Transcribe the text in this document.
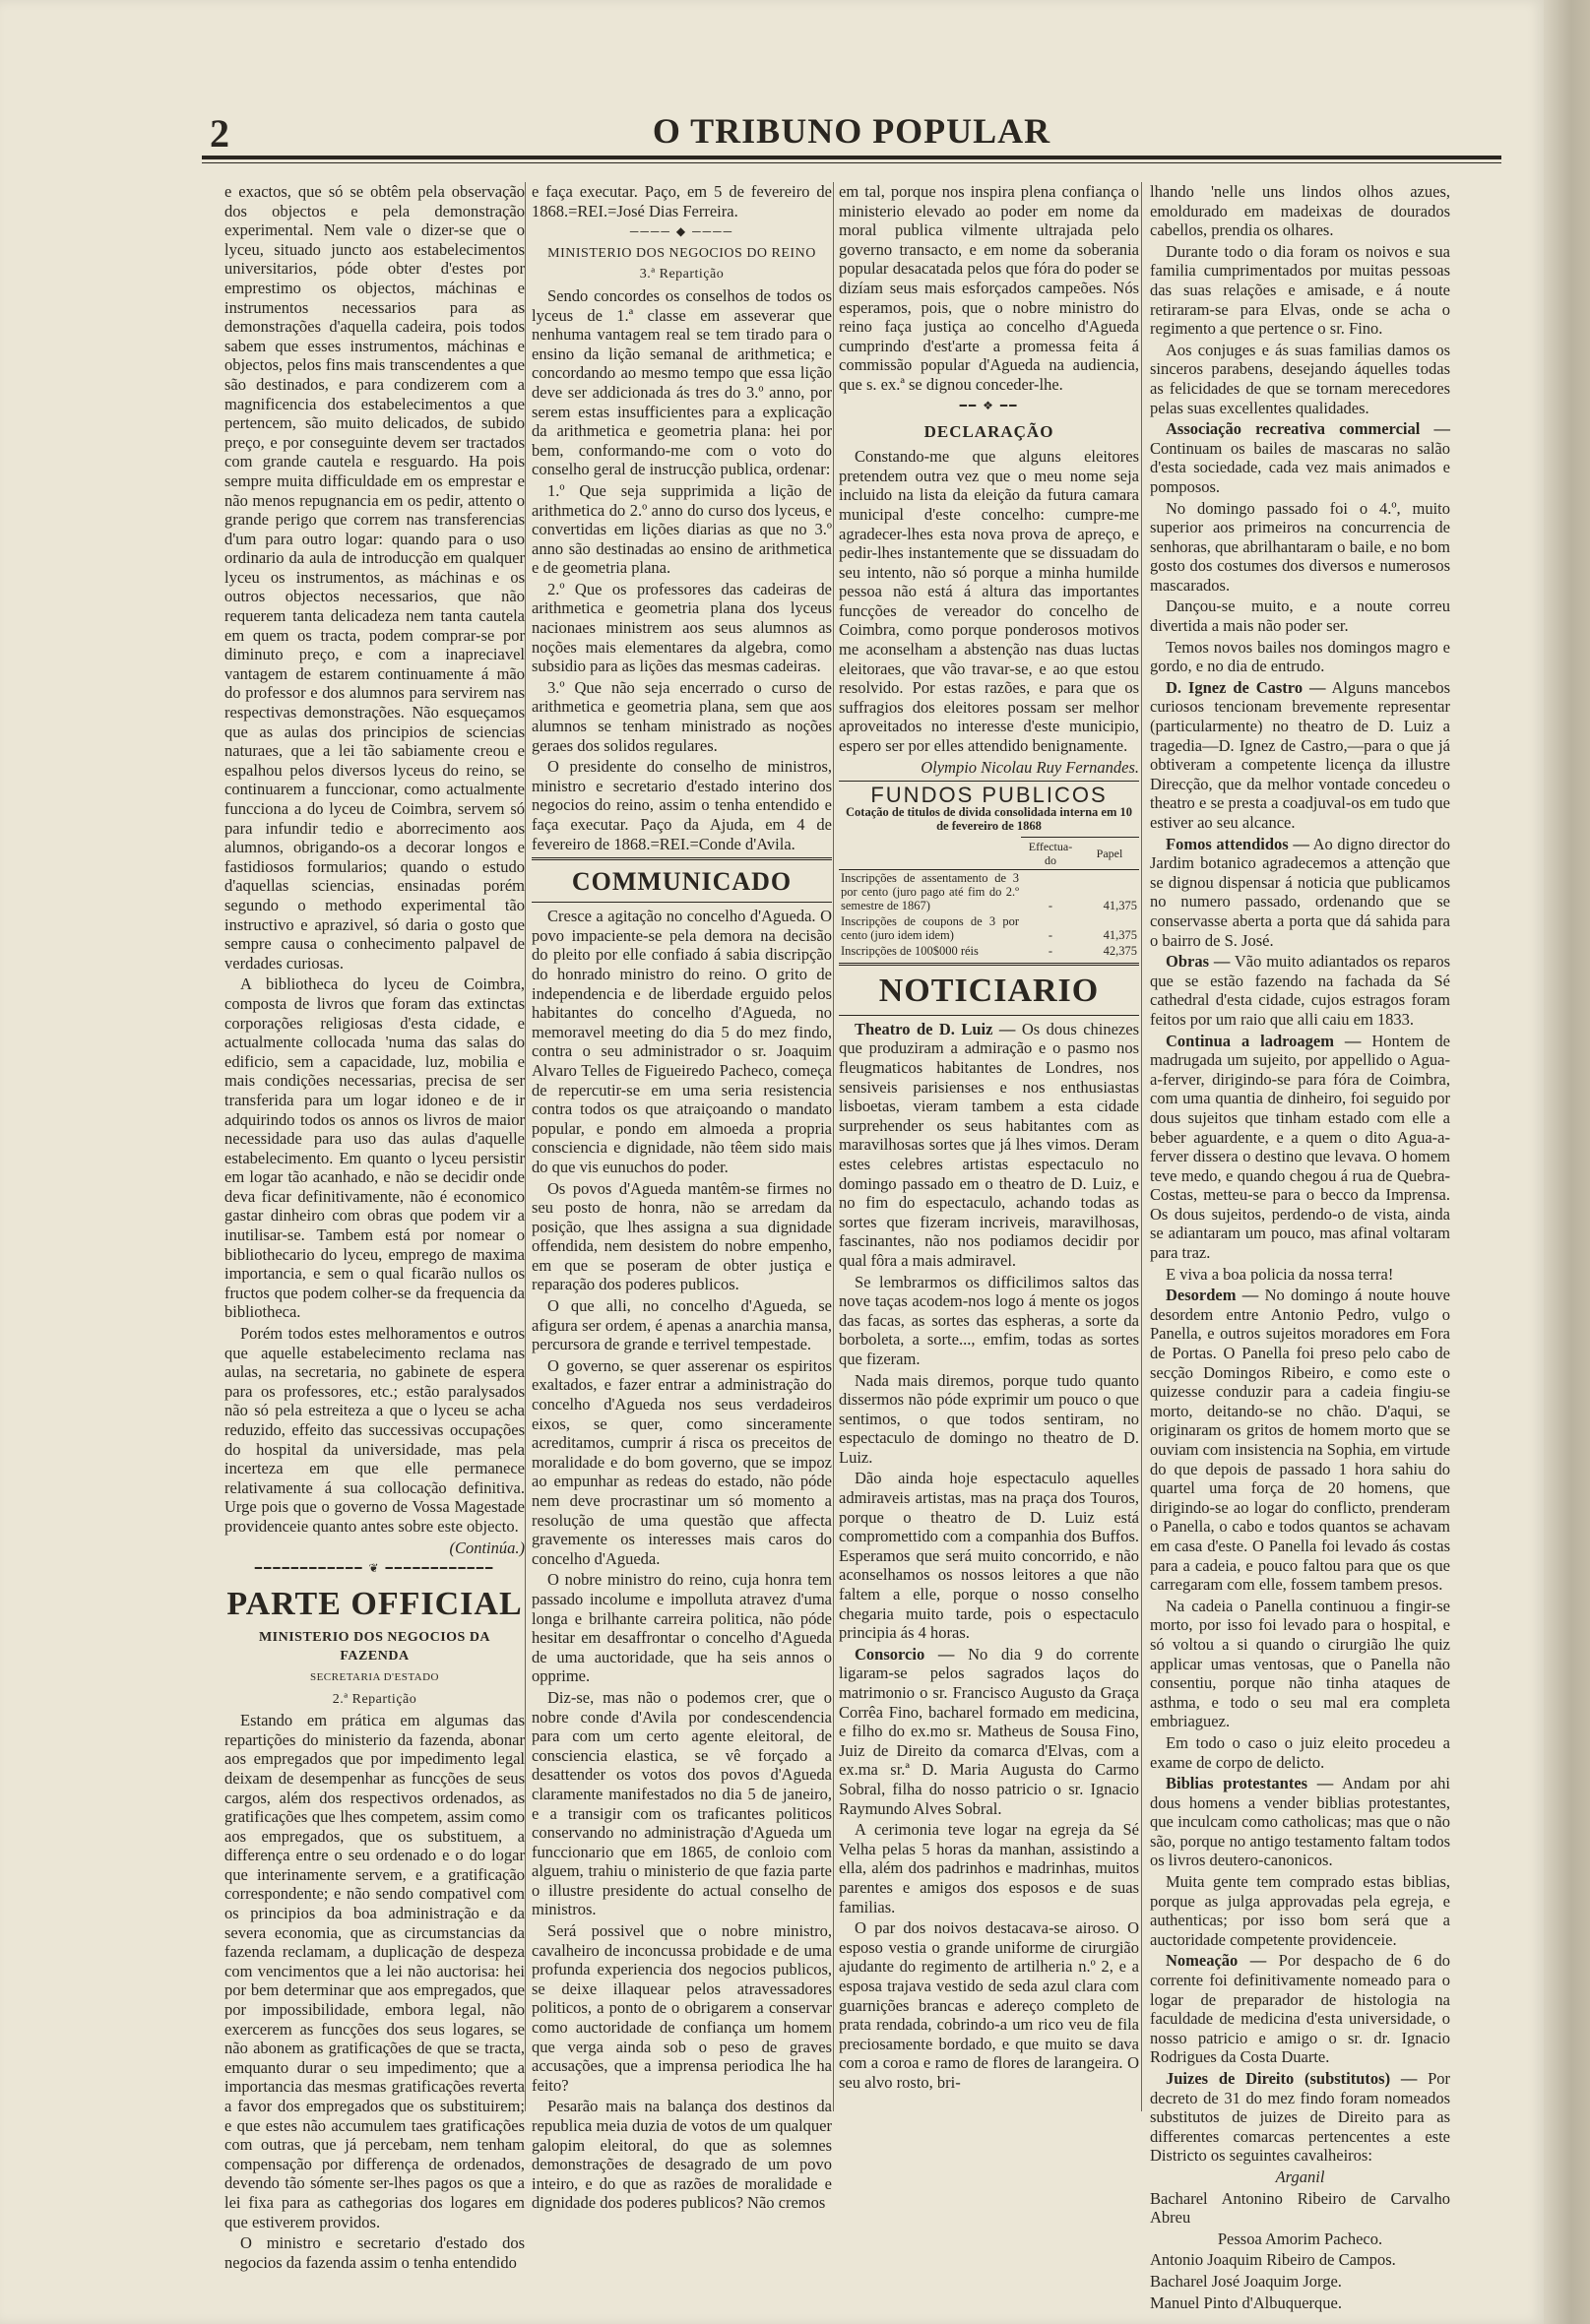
2	O TRIBUNO POPULAR

e exactos, que só se obtêm pela observação dos objectos e pela demonstração experimental. Nem vale o dizer-se que o lyceu, situado juncto aos estabelecimentos universitarios, póde obter d'estes por emprestimo os objectos, máchinas e instrumentos necessarios para as demonstrações d'aquella cadeira, pois todos sabem que esses instrumentos, máchinas e objectos, pelos fins mais transcendentes a que são destinados, e para condizerem com a magnificencia dos estabelecimentos a que pertencem, são muito delicados, de subido preço, e por conseguinte devem ser tractados com grande cautela e resguardo. Ha pois sempre muita difficuldade em os emprestar e não menos repugnancia em os pedir, attento o grande perigo que correm nas transferencias d'um para outro logar: quando para o uso ordinario da aula de introducção em qualquer lyceu os instrumentos, as máchinas e os outros objectos necessarios, que não requerem tanta delicadeza nem tanta cautela em quem os tracta, podem comprar-se por diminuto preço, e com a inapreciavel vantagem de estarem continuamente á mão do professor e dos alumnos para servirem nas respectivas demonstrações. Não esqueçamos que as aulas dos principios de sciencias naturaes, que a lei tão sabiamente creou e espalhou pelos diversos lyceus do reino, se continuarem a funccionar, como actualmente funcciona a do lyceu de Coimbra, servem só para infundir tedio e aborrecimento aos alumnos, obrigando-os a decorar longos e fastidiosos formularios; quando o estudo d'aquellas sciencias, ensinadas porém segundo o methodo experimental tão instructivo e aprazivel, só daria o gosto que sempre causa o conhecimento palpavel de verdades curiosas.

A bibliotheca do lyceu de Coimbra, composta de livros que foram das extinctas corporações religiosas d'esta cidade, e actualmente collocada 'numa das salas do edificio, sem a capacidade, luz, mobilia e mais condições necessarias, precisa de ser transferida para um logar idoneo e de ir adquirindo todos os annos os livros de maior necessidade para uso das aulas d'aquelle estabelecimento. Em quanto o lyceu persistir em logar tão acanhado, e não se decidir onde deva ficar definitivamente, não é economico gastar dinheiro com obras que podem vir a inutilisar-se. Tambem está por nomear o bibliothecario do lyceu, emprego de maxima importancia, e sem o qual ficarão nullos os fructos que podem colher-se da frequencia da bibliotheca.

Porém todos estes melhoramentos e outros que aquelle estabelecimento reclama nas aulas, na secretaria, no gabinete de espera para os professores, etc.; estão paralysados não só pela estreiteza a que o lyceu se acha reduzido, effeito das successivas occupações do hospital da universidade, mas pela incerteza em que elle permanece relativamente á sua collocação definitiva. Urge pois que o governo de Vossa Magestade providenceie quanto antes sobre este objecto.

(Continúa.)

━━━━━━━━━━━━ ❦ ━━━━━━━━━━━━
PARTE OFFICIAL

MINISTERIO DOS NEGOCIOS DA FAZENDA

SECRETARIA D'ESTADO

2.ª Repartição

Estando em prática em algumas das repartições do ministerio da fazenda, abonar aos empregados que por impedimento legal deixam de desempenhar as funcções de seus cargos, além dos respectivos ordenados, as gratificações que lhes competem, assim como aos empregados, que os substituem, a differença entre o seu ordenado e o do logar que interinamente servem, e a gratificação correspondente; e não sendo compativel com os principios da boa administração e da severa economia, que as circumstancias da fazenda reclamam, a duplicação de despeza com vencimentos que a lei não auctorisa: hei por bem determinar que aos empregados, que por impossibilidade, embora legal, não exercerem as funcções dos seus logares, se não abonem as gratificações de que se tracta, emquanto durar o seu impedimento; que a importancia das mesmas gratificações reverta a favor dos empregados que os substituirem; e que estes não accumulem taes gratificações com outras, que já percebam, nem tenham compensação por differença de ordenados, devendo tão sómente ser-lhes pagos os que a lei fixa para as cathegorias dos logares em que estiverem providos.

O ministro e secretario d'estado dos negocios da fazenda assim o tenha entendido

e faça executar. Paço, em 5 de fevereiro de 1868.=REI.=José Dias Ferreira.

──── ◆ ────

MINISTERIO DOS NEGOCIOS DO REINO

3.ª Repartição

Sendo concordes os conselhos de todos os lyceus de 1.ª classe em asseverar que nenhuma vantagem real se tem tirado para o ensino da lição semanal de arithmetica; e concordando ao mesmo tempo que essa lição deve ser addicionada ás tres do 3.º anno, por serem estas insufficientes para a explicação da arithmetica e geometria plana: hei por bem, conformando-me com o voto do conselho geral de instrucção publica, ordenar:

1.º Que seja supprimida a lição de arithmetica do 2.º anno do curso dos lyceus, e convertidas em lições diarias as que no 3.º anno são destinadas ao ensino de arithmetica e de geometria plana.

2.º Que os professores das cadeiras de arithmetica e geometria plana dos lyceus nacionaes ministrem aos seus alumnos as noções mais elementares da algebra, como subsidio para as lições das mesmas cadeiras.

3.º Que não seja encerrado o curso de arithmetica e geometria plana, sem que aos alumnos se tenham ministrado as noções geraes dos solidos regulares.

O presidente do conselho de ministros, ministro e secretario d'estado interino dos negocios do reino, assim o tenha entendido e faça executar. Paço da Ajuda, em 4 de fevereiro de 1868.=REI.=Conde d'Avila.

COMMUNICADO

Cresce a agitação no concelho d'Agueda. O povo impaciente-se pela demora na decisão do pleito por elle confiado á sabia discripção do honrado ministro do reino. O grito de independencia e de liberdade erguido pelos habitantes do concelho d'Agueda, no memoravel meeting do dia 5 do mez findo, contra o seu administrador o sr. Joaquim Alvaro Telles de Figueiredo Pacheco, começa de repercutir-se em uma seria resistencia contra todos os que atraiçoando o mandato popular, e pondo em almoeda a propria consciencia e dignidade, não têem sido mais do que vis eunuchos do poder.

Os povos d'Agueda mantêm-se firmes no seu posto de honra, não se arredam da posição, que lhes assigna a sua dignidade offendida, nem desistem do nobre empenho, em que se poseram de obter justiça e reparação dos poderes publicos.

O que alli, no concelho d'Agueda, se afigura ser ordem, é apenas a anarchia mansa, percursora de grande e terrivel tempestade.

O governo, se quer asserenar os espiritos exaltados, e fazer entrar a administração do concelho d'Agueda nos seus verdadeiros eixos, se quer, como sinceramente acreditamos, cumprir á risca os preceitos de moralidade e do bom governo, que se impoz ao empunhar as redeas do estado, não póde nem deve procrastinar um só momento a resolução de uma questão que affecta gravemente os interesses mais caros do concelho d'Agueda.

O nobre ministro do reino, cuja honra tem passado incolume e impolluta atravez d'uma longa e brilhante carreira politica, não póde hesitar em desaffrontar o concelho d'Agueda de uma auctoridade, que ha seis annos o opprime.

Diz-se, mas não o podemos crer, que o nobre conde d'Avila por condescendencia para com um certo agente eleitoral, de consciencia elastica, se vê forçado a desattender os votos dos povos d'Agueda claramente manifestados no dia 5 de janeiro, e a transigir com os traficantes politicos conservando no administração d'Agueda um funccionario que em 1865, de conloio com alguem, trahiu o ministerio de que fazia parte o illustre presidente do actual conselho de ministros.

Será possivel que o nobre ministro, cavalheiro de inconcussa probidade e de uma profunda experiencia dos negocios publicos, se deixe illaquear pelos atravessadores politicos, a ponto de o obrigarem a conservar como auctoridade de confiança um homem que verga ainda sob o peso de graves accusações, que a imprensa periodica lhe ha feito?

Pesarão mais na balança dos destinos da republica meia duzia de votos de um qualquer galopim eleitoral, do que as solemnes demonstrações de desagrado de um povo inteiro, e do que as razões de moralidade e dignidade dos poderes publicos? Não cremos

em tal, porque nos inspira plena confiança o ministerio elevado ao poder em nome da moral publica vilmente ultrajada pelo governo transacto, e em nome da soberania popular desacatada pelos que fóra do poder se dizíam seus mais esforçados campeões. Nós esperamos, pois, que o nobre ministro do reino faça justiça ao concelho d'Agueda cumprindo d'est'arte a promessa feita á commissão popular d'Agueda na audiencia, que s. ex.ª se dignou conceder-lhe.

━━ ❖ ━━
DECLARAÇÃO

Constando-me que alguns eleitores pretendem outra vez que o meu nome seja incluido na lista da eleição da futura camara municipal d'este concelho: cumpre-me agradecer-lhes esta nova prova de apreço, e pedir-lhes instantemente que se dissuadam do seu intento, não só porque a minha humilde pessoa não está á altura das importantes funcções de vereador do concelho de Coimbra, como porque ponderosos motivos me aconselham a abstenção nas duas luctas eleitoraes, que vão travar-se, e ao que estou resolvido. Por estas razões, e para que os suffragios dos eleitores possam ser melhor aproveitados no interesse d'este municipio, espero ser por elles attendido benignamente.

Olympio Nicolau Ruy Fernandes.

FUNDOS PUBLICOS

Cotação de titulos de divida consolidada interna em 10 de fevereiro de 1868

	Effectua-do	Papel
Inscripções de assentamento de 3 por cento (juro pago até fim do 2.º semestre de 1867)	-	41,375
Inscripções de coupons de 3 por cento (juro idem idem)	-	41,375
Inscripções de 100$000 réis	-	42,375
NOTICIARIO

Theatro de D. Luiz — Os dous chinezes que produziram a admiração e o pasmo nos fleugmaticos habitantes de Londres, nos sensiveis parisienses e nos enthusiastas lisboetas, vieram tambem a esta cidade surprehender os seus habitantes com as maravilhosas sortes que já lhes vimos. Deram estes celebres artistas espectaculo no domingo passado em o theatro de D. Luiz, e no fim do espectaculo, achando todas as sortes que fizeram incriveis, maravilhosas, fascinantes, não nos podiamos decidir por qual fôra a mais admiravel.

Se lembrarmos os difficilimos saltos das nove taças acodem-nos logo á mente os jogos das facas, as sortes das espheras, a sorte da borboleta, a sorte..., emfim, todas as sortes que fizeram.

Nada mais diremos, porque tudo quanto dissermos não póde exprimir um pouco o que sentimos, o que todos sentiram, no espectaculo de domingo no theatro de D. Luiz.

Dão ainda hoje espectaculo aquelles admiraveis artistas, mas na praça dos Touros, porque o theatro de D. Luiz está compromettido com a companhia dos Buffos. Esperamos que será muito concorrido, e não aconselhamos os nossos leitores a que não faltem a elle, porque o nosso conselho chegaria muito tarde, pois o espectaculo principia ás 4 horas.

Consorcio — No dia 9 do corrente ligaram-se pelos sagrados laços do matrimonio o sr. Francisco Augusto da Graça Corrêa Fino, bacharel formado em medicina, e filho do ex.mo sr. Matheus de Sousa Fino, Juiz de Direito da comarca d'Elvas, com a ex.ma sr.ª D. Maria Augusta do Carmo Sobral, filha do nosso patricio o sr. Ignacio Raymundo Alves Sobral.

A cerimonia teve logar na egreja da Sé Velha pelas 5 horas da manhan, assistindo a ella, além dos padrinhos e madrinhas, muitos parentes e amigos dos esposos e de suas familias.

O par dos noivos destacava-se airoso. O esposo vestia o grande uniforme de cirurgião ajudante do regimento de artilheria n.º 2, e a esposa trajava vestido de seda azul clara com guarnições brancas e adereço completo de prata rendada, cobrindo-a um rico veu de fila preciosamente bordado, e que muito se dava com a coroa e ramo de flores de larangeira. O seu alvo rosto, bri-

lhando 'nelle uns lindos olhos azues, emoldurado em madeixas de dourados cabellos, prendia os olhares.

Durante todo o dia foram os noivos e sua familia cumprimentados por muitas pessoas das suas relações e amisade, e á noute retiraram-se para Elvas, onde se acha o regimento a que pertence o sr. Fino.

Aos conjuges e ás suas familias damos os sinceros parabens, desejando áquelles todas as felicidades de que se tornam merecedores pelas suas excellentes qualidades.

Associação recreativa commercial — Continuam os bailes de mascaras no salão d'esta sociedade, cada vez mais animados e pomposos.

No domingo passado foi o 4.º, muito superior aos primeiros na concurrencia de senhoras, que abrilhantaram o baile, e no bom gosto dos costumes dos diversos e numerosos mascarados.

Dançou-se muito, e a noute correu divertida a mais não poder ser.

Temos novos bailes nos domingos magro e gordo, e no dia de entrudo.

D. Ignez de Castro — Alguns mancebos curiosos tencionam brevemente representar (particularmente) no theatro de D. Luiz a tragedia—D. Ignez de Castro,—para o que já obtiveram a competente licença da illustre Direcção, que da melhor vontade concedeu o theatro e se presta a coadjuval-os em tudo que estiver ao seu alcance.

Fomos attendidos — Ao digno director do Jardim botanico agradecemos a attenção que se dignou dispensar á noticia que publicamos no numero passado, ordenando que se conservasse aberta a porta que dá sahida para o bairro de S. José.

Obras — Vão muito adiantados os reparos que se estão fazendo na fachada da Sé cathedral d'esta cidade, cujos estragos foram feitos por um raio que alli caiu em 1833.

Continua a ladroagem — Hontem de madrugada um sujeito, por appellido o Agua-a-ferver, dirigindo-se para fóra de Coimbra, com uma quantia de dinheiro, foi seguido por dous sujeitos que tinham estado com elle a beber aguardente, e a quem o dito Agua-a-ferver dissera o destino que levava. O homem teve medo, e quando chegou á rua de Quebra-Costas, metteu-se para o becco da Imprensa. Os dous sujeitos, perdendo-o de vista, ainda se adiantaram um pouco, mas afinal voltaram para traz.

E viva a boa policia da nossa terra!

Desordem — No domingo á noute houve desordem entre Antonio Pedro, vulgo o Panella, e outros sujeitos moradores em Fora de Portas. O Panella foi preso pelo cabo de secção Domingos Ribeiro, e como este o quizesse conduzir para a cadeia fingiu-se morto, deitando-se no chão. D'aqui, se originaram os gritos de homem morto que se ouviam com insistencia na Sophia, em virtude do que depois de passado 1 hora sahiu do quartel uma força de 20 homens, que dirigindo-se ao logar do conflicto, prenderam o Panella, o cabo e todos quantos se achavam em casa d'este. O Panella foi levado ás costas para a cadeia, e pouco faltou para que os que carregaram com elle, fossem tambem presos.

Na cadeia o Panella continuou a fingir-se morto, por isso foi levado para o hospital, e só voltou a si quando o cirurgião lhe quiz applicar umas ventosas, que o Panella não consentiu, porque não tinha ataques de asthma, e todo o seu mal era completa embriaguez.

Em todo o caso o juiz eleito procedeu a exame de corpo de delicto.

Biblias protestantes — Andam por ahi dous homens a vender biblias protestantes, que inculcam como catholicas; mas que o não são, porque no antigo testamento faltam todos os livros deutero-canonicos.

Muita gente tem comprado estas biblias, porque as julga approvadas pela egreja, e authenticas; por isso bom será que a auctoridade competente providenceie.

Nomeação — Por despacho de 6 do corrente foi definitivamente nomeado para o logar de preparador de histologia na faculdade de medicina d'esta universidade, o nosso patricio e amigo o sr. dr. Ignacio Rodrigues da Costa Duarte.

Juizes de Direito (substitutos) — Por decreto de 31 do mez findo foram nomeados substitutos de juizes de Direito para as differentes comarcas pertencentes a este Districto os seguintes cavalheiros:

Arganil

Bacharel Antonino Ribeiro de Carvalho Abreu

Pessoa Amorim Pacheco.

Antonio Joaquim Ribeiro de Campos.

Bacharel José Joaquim Jorge.

Manuel Pinto d'Albuquerque.
